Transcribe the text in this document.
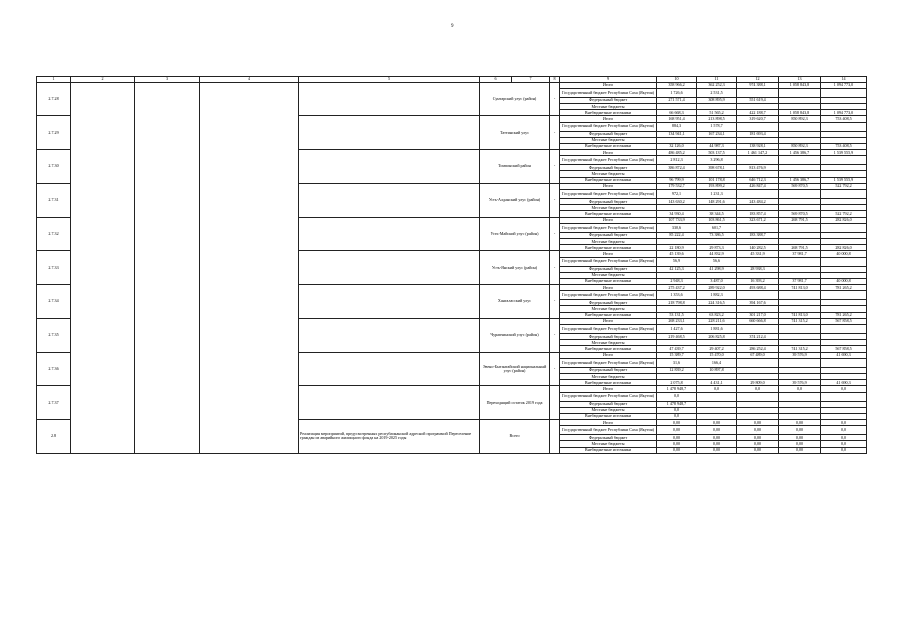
9
1	2	3	4	5	6	7	8	9	10	11	12	13	14
2.7.28					Сунтарский улус (район)		-	Итого	358 966,2	362 252,3	974 388,1	1 058 843,8	1 094 773,0
								Государственный бюджет Республики Саха (Якутия)	1 726,6	2 531,5			
								Федеральный бюджет	271 571,4	308 895,9	551 619,4		
								Местные бюджеты					
								Внебюджетные источники	66 668,3	51 565,2	422 188,7	1 058 843,8	1 094 773,0
2.7.29					Таттинский улус		-	Итого	168 951,4	213 898,5	319 620,7	850 892,3	753 408,5
								Государственный бюджет Республики Саха (Якутия)	884,3	1 578,7			
								Федеральный бюджет	134 941,1	167 234,1	181 693,4		
								Местные бюджеты					
								Внебюджетные источники	32 126,0	44 987,3	138 928,1	850 892,3	753 408,5
2.7.30					Томпонский район		-	Итого	486 485,2	503 137,5	1 461 147,2	1 456 386,7	1 539 555,9
								Государственный бюджет Республики Саха (Якутия)	2 812,3	3 296,8			
								Федеральный бюджет	386 872,4	398 678,1	813 476,9		
								Местные бюджеты					
								Внебюджетные источники	96 799,9	101 178,8	646 712,3	1 456 386,7	1 539 555,9
2.7.31					Усть-Алданский улус (район)		-	Итого	179 532,7	193 899,2	426 847,4	569 870,5	522 792,2
								Государственный бюджет Республики Саха (Якутия)	972,1	1 231,3			
								Федеральный бюджет	143 630,2	148 291,6	243 484,2		
								Местные бюджеты					
								Внебюджетные источники	34 930,4	38 344,5	183 857,4	569 870,5	522 792,2
2.7.32					Усть-Майский улус (район)		-	Итого	107 733,9	103 861,5	323 671,2	268 791,5	282 826,0
								Государственный бюджет Республики Саха (Якутия)	330,6	601,7			
								Федеральный бюджет	85 222,4	73 386,5	183 388,7		
								Местные бюджеты					
								Внебюджетные источники	22 180,9	29 873,3	140 282,5	268 791,5	282 826,0
2.7.33					Усть-Янский улус (район)		-	Итого	45 139,6	44 832,9	45 331,9	37 981,7	40 000,8
								Государственный бюджет Республики Саха (Якутия)	56,9	56,6			
								Федеральный бюджет	42 125,3	41 298,9	28 938,3		
								Местные бюджеты					
								Внебюджетные источники	2 948,3	3 487,0	16 393,2	37 981,7	40 000,8
2.7.34					Хангаласский улус		-	Итого	275 437,2	289 922,0	493 688,4	741 813,0	781 265,2
								Государственный бюджет Республики Саха (Якутия)	1 353,6	1 882,3			
								Федеральный бюджет	218 798,8	224 316,5	394 167,6		
								Местные бюджеты					
								Внебюджетные источники	53 131,5	63 823,2	301 217,0	741 813,0	781 265,2
2.7.35					Чурапчинский улус (район)		-	Итого	268 233,1	228 211,6	660 666,8	741 315,2	567 858,5
								Государственный бюджет Республики Саха (Якутия)	1 427,6	1 881,6			
								Федеральный бюджет	219 468,5	206 825,8	374 212,4		
								Местные бюджеты					
								Внебюджетные источники	47 439,7	29 407,2	286 252,4	741 315,2	567 858,5
2.7.36					Эвено-Бытантайский национальный улус (район)		-	Итого	15 389,7	15 470,0	67 489,0	39 576,9	41 690,3
								Государственный бюджет Республики Саха (Якутия)	31,6	166,4			
								Федеральный бюджет	12 839,2	10 897,8			
								Местные бюджеты					
								Внебюджетные источники	2 075,8	4 431,1	29 809,0	39 576,9	41 690,3
2.7.37					Переходящий остаток 2019 года			Итого	1 478 948,7	0,0	0,0	0,0	0,0
								Государственный бюджет Республики Саха (Якутия)	0,0				
								Федеральный бюджет	1 478 948,7				
								Местные бюджеты	0,0				
								Внебюджетные источники	0,0				
2.8				Реализация мероприятий, предусмотренных республиканской адресной программой Переселение граждан из аварийного жилищного фонда на 2019-2025 годы	Всего			Итого	0,00	0,00	0,00	0,00	0,0
								Государственный бюджет Республики Саха (Якутия)	0,00	0,00	0,00	0,00	0,0
								Федеральный бюджет	0,00	0,00	0,00	0,00	0,0
								Местные бюджеты	0,00	0,00	0,00	0,00	0,0
								Внебюджетные источники	0,00	0,00	0,00	0,00	0,0
